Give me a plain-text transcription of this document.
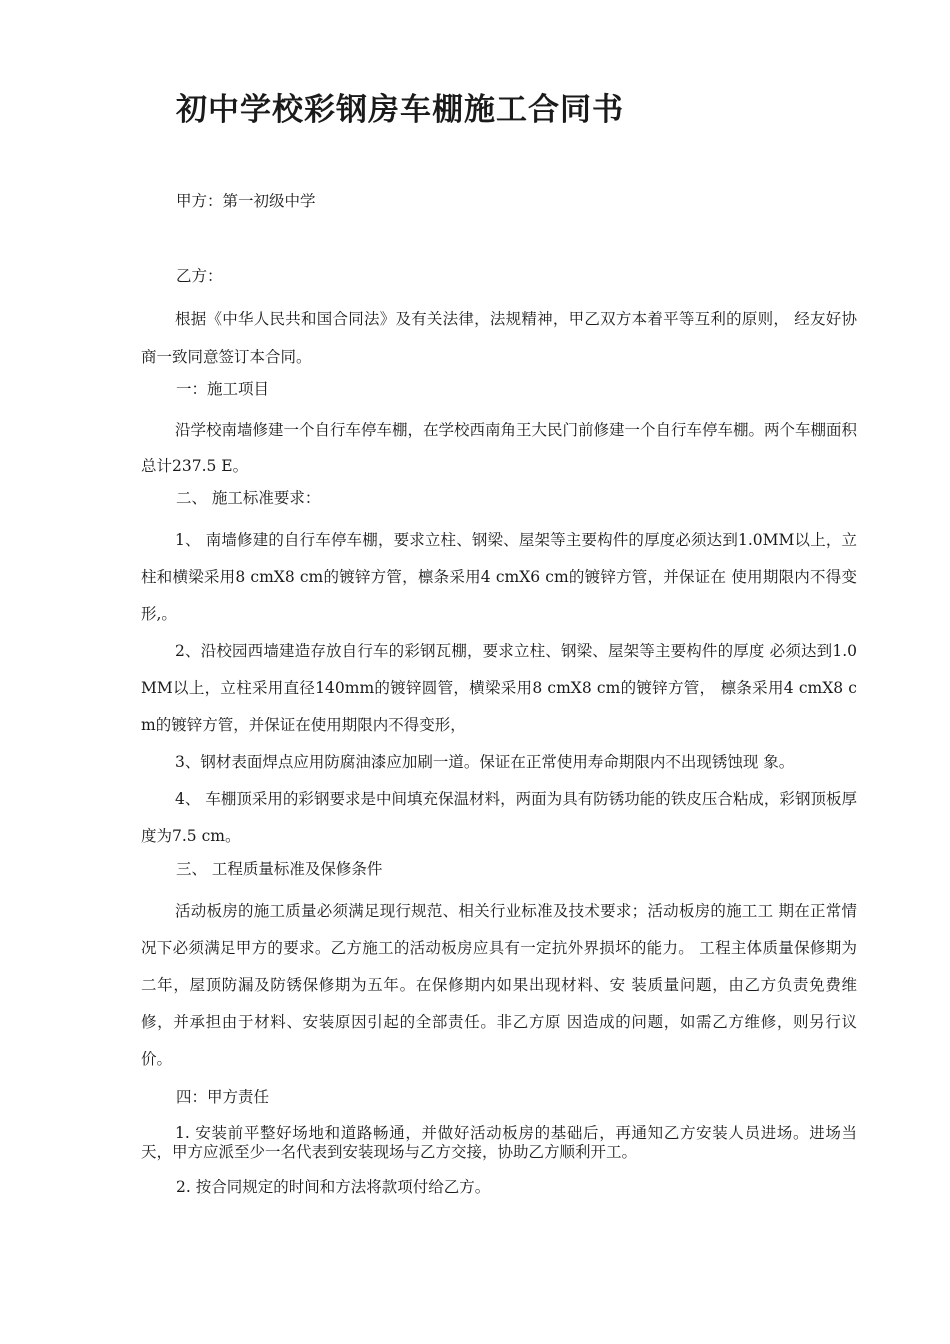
初中学校彩钢房车棚施工合同书

甲方：第一初级中学

乙方：

根据《中华人民共和国合同法》及有关法律，法规精神，甲乙双方本着平等互利的原则， 经友好协商一致同意签订本合同。

一：施工项目

沿学校南墙修建一个自行车停车棚，在学校西南角王大民门前修建一个自行车停车棚。两个车棚面积总计237.5 E。

二、 施工标准要求：

1、 南墙修建的自行车停车棚，要求立柱、钢梁、屋架等主要构件的厚度必须达到1.0MM以上，立柱和横梁采用8 cmX8 cm的镀锌方管，檩条采用4 cmX6 cm的镀锌方管，并保证在 使用期限内不得变形,。

2、沿校园西墙建造存放自行车的彩钢瓦棚，要求立柱、钢梁、屋架等主要构件的厚度 必须达到1.0MM以上，立柱采用直径140mm的镀锌圆管，横梁采用8 cmX8 cm的镀锌方管， 檩条采用4 cmX8 cm的镀锌方管，并保证在使用期限内不得变形，

3、钢材表面焊点应用防腐油漆应加刷一道。保证在正常使用寿命期限内不出现锈蚀现 象。

4、 车棚顶采用的彩钢要求是中间填充保温材料，两面为具有防锈功能的铁皮压合粘成，彩钢顶板厚度为7.5 cm。

三、 工程质量标准及保修条件

活动板房的施工质量必须满足现行规范、相关行业标准及技术要求；活动板房的施工工 期在正常情况下必须满足甲方的要求。乙方施工的活动板房应具有一定抗外界损坏的能力。 工程主体质量保修期为二年，屋顶防漏及防锈保修期为五年。在保修期内如果出现材料、安 装质量问题，由乙方负责免费维修，并承担由于材料、安装原因引起的全部责任。非乙方原 因造成的问题，如需乙方维修，则另行议价。

四：甲方责任

1. 安装前平整好场地和道路畅通，并做好活动板房的基础后，再通知乙方安装人员进场。进场当天，甲方应派至少一名代表到安装现场与乙方交接，协助乙方顺利开工。

2. 按合同规定的时间和方法将款项付给乙方。
